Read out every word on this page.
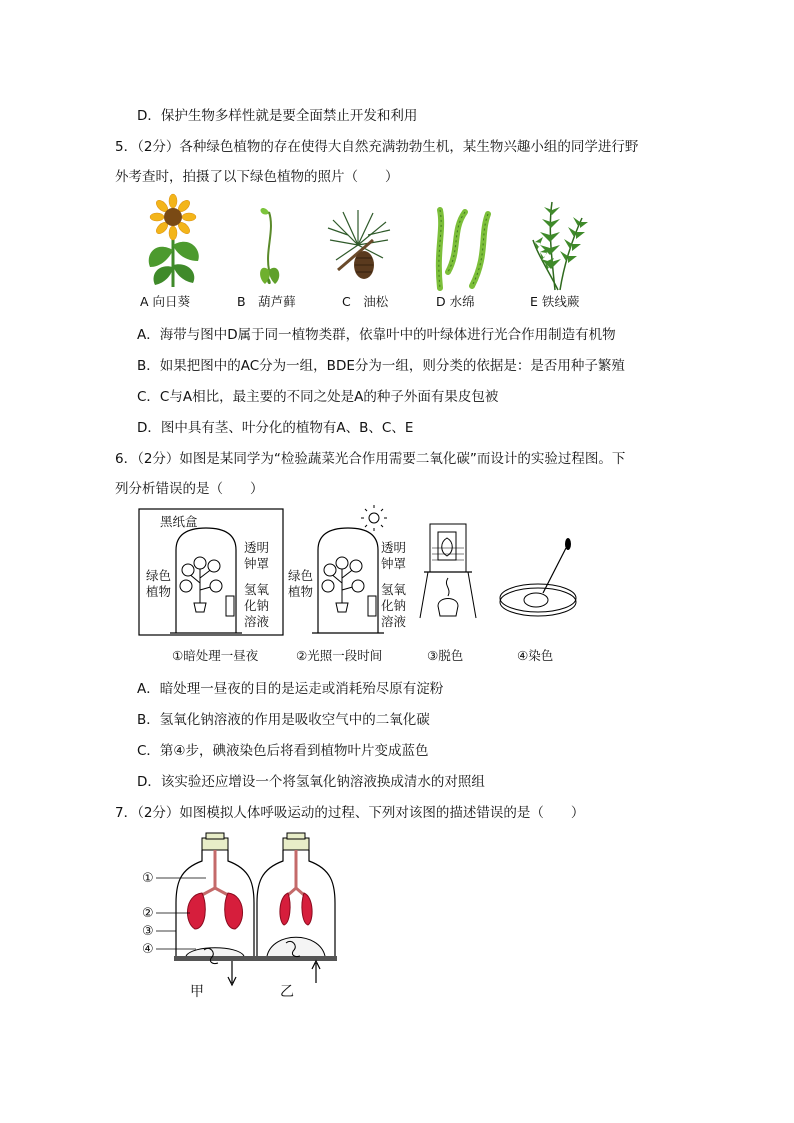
D．保护生物多样性就是要全面禁止开发和利用
5．（2分）各种绿色植物的存在使得大自然充满勃勃生机，某生物兴趣小组的同学进行野
外考查时，拍摄了以下绿色植物的照片（　　）
A 向日葵	B　葫芦藓	C　油松	D 水绵	E 铁线蕨
A．海带与图中D属于同一植物类群，依靠叶中的叶绿体进行光合作用制造有机物
B．如果把图中的AC分为一组，BDE分为一组，则分类的依据是：是否用种子繁殖
C．C与A相比，最主要的不同之处是A的种子外面有果皮包被
D．图中具有茎、叶分化的植物有A、B、C、E
6．（2分）如图是某同学为“检验蔬菜光合作用需要二氧化碳”而设计的实验过程图。下
列分析错误的是（　　）
黑纸盒
透明
钟罩
绿色
植物	氢氧
化钠
溶液
透明
钟罩
绿色
植物	氢氧
化钠
溶液
①暗处理一昼夜	②光照一段时间	③脱色	④染色
A．暗处理一昼夜的目的是运走或消耗殆尽原有淀粉
B．氢氧化钠溶液的作用是吸收空气中的二氧化碳
C．第④步，碘液染色后将看到植物叶片变成蓝色
D．该实验还应增设一个将氢氧化钠溶液换成清水的对照组
7．（2分）如图模拟人体呼吸运动的过程、下列对该图的描述错误的是（　　）
①
②
③
④
甲	乙
